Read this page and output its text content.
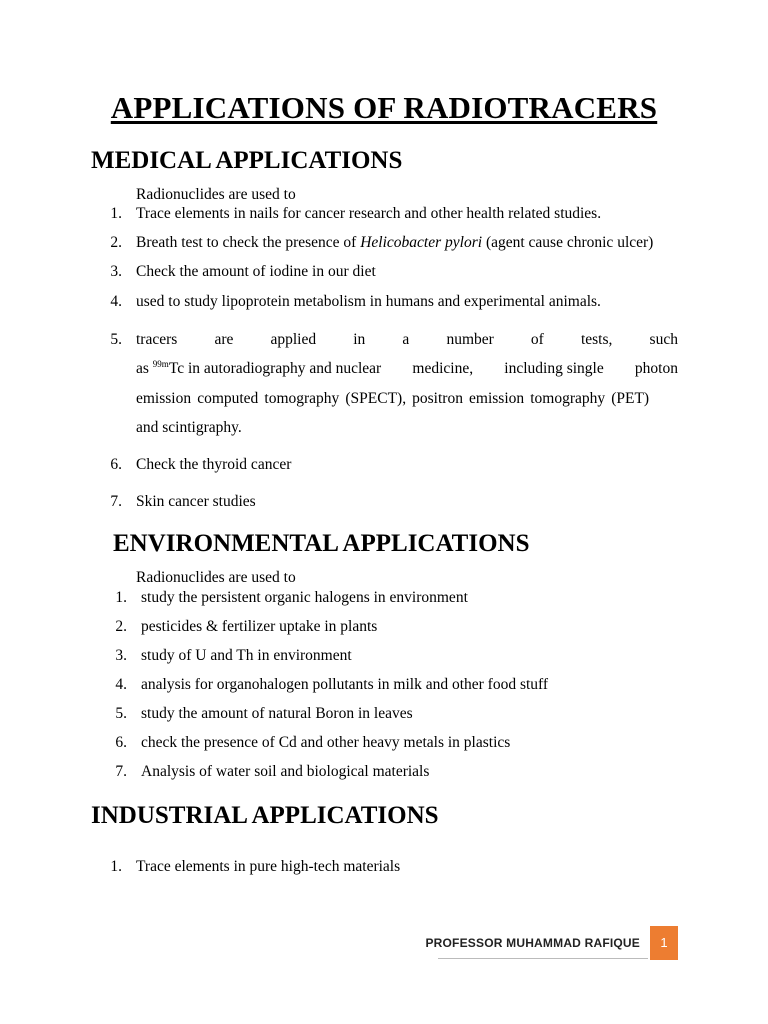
APPLICATIONS OF RADIOTRACERS
MEDICAL APPLICATIONS
Radionuclides are used to
1. Trace elements in nails for cancer research and other health related studies.
2. Breath test to check the presence of Helicobacter pylori (agent cause chronic ulcer)
3. Check the amount of iodine in our diet
4. used to study lipoprotein metabolism in humans and experimental animals.
5. tracers are applied in a number of tests, such
as $^{99m}$Tc in autoradiography and nuclear medicine, including single photon
emission computed tomography (SPECT), positron emission tomography (PET)
and scintigraphy.
6. Check the thyroid cancer
7. Skin cancer studies
ENVIRONMENTAL APPLICATIONS
Radionuclides are used to
1. study the persistent organic halogens in environment
2. pesticides & fertilizer uptake in plants
3. study of U and Th in environment
4. analysis for organohalogen pollutants in milk and other food stuff
5. study the amount of natural Boron in leaves
6. check the presence of Cd and other heavy metals in plastics
7. Analysis of water soil and biological materials
INDUSTRIAL APPLICATIONS
1. Trace elements in pure high-tech materials
PROFESSOR MUHAMMAD RAFIQUE	1
